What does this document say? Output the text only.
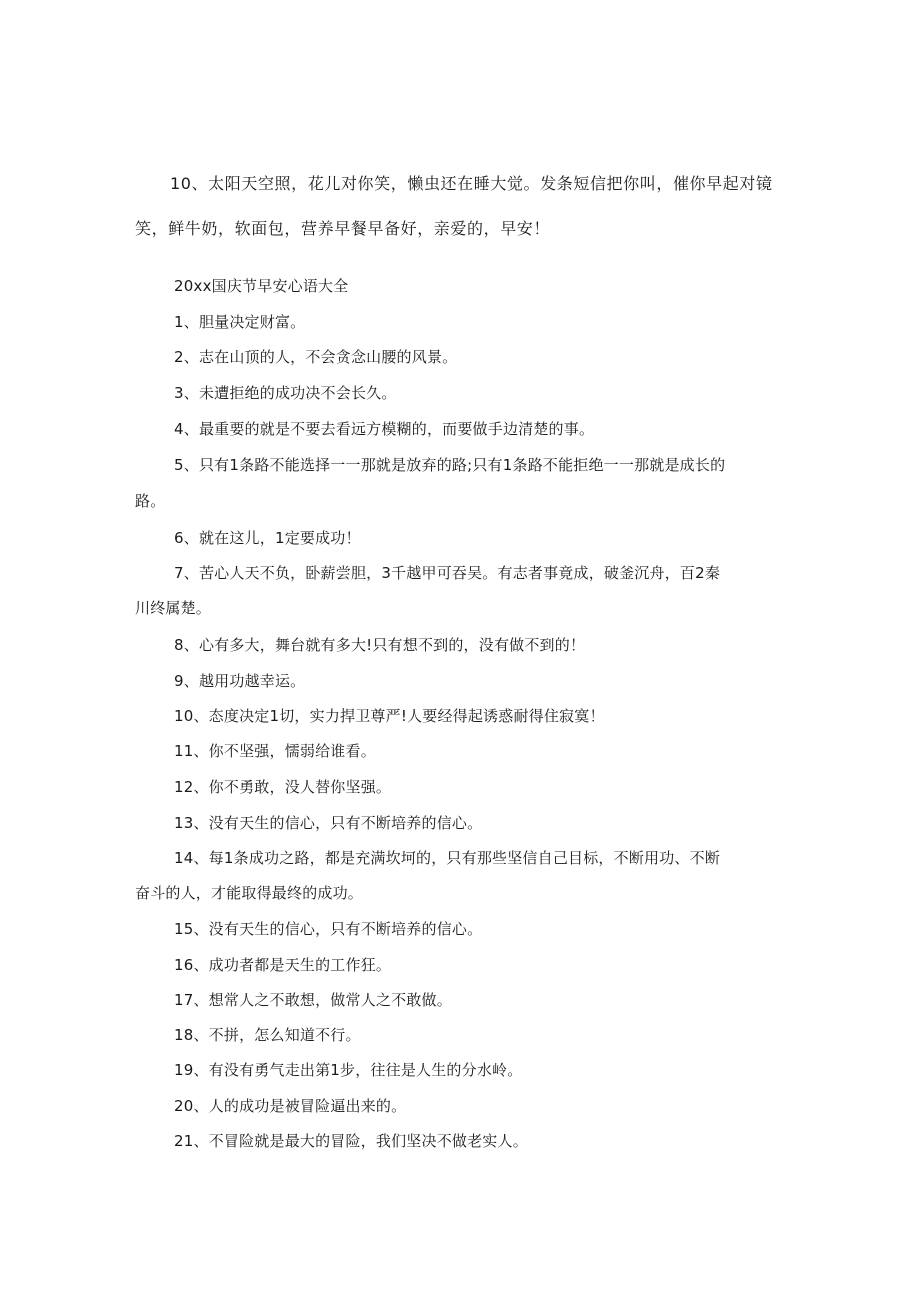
10、太阳天空照，花儿对你笑，懒虫还在睡大觉。发条短信把你叫，催你早起对镜
笑，鲜牛奶，软面包，营养早餐早备好，亲爱的，早安！
20xx国庆节早安心语大全
1、胆量决定财富。
2、志在山顶的人，不会贪念山腰的风景。
3、未遭拒绝的成功决不会长久。
4、最重要的就是不要去看远方模糊的，而要做手边清楚的事。
5、只有1条路不能选择一一那就是放弃的路;只有1条路不能拒绝一一那就是成长的
路。
6、就在这儿，1定要成功！
7、苦心人天不负，卧薪尝胆，3千越甲可吞吴。有志者事竟成，破釜沉舟，百2秦
川终属楚。
8、心有多大，舞台就有多大!只有想不到的，没有做不到的！
9、越用功越幸运。
10、态度决定1切，实力捍卫尊严!人要经得起诱惑耐得住寂寞！
11、你不坚强，懦弱给谁看。
12、你不勇敢，没人替你坚强。
13、没有天生的信心，只有不断培养的信心。
14、每1条成功之路，都是充满坎坷的，只有那些坚信自己目标，不断用功、不断
奋斗的人，才能取得最终的成功。
15、没有天生的信心，只有不断培养的信心。
16、成功者都是天生的工作狂。
17、想常人之不敢想，做常人之不敢做。
18、不拼，怎么知道不行。
19、有没有勇气走出第1步，往往是人生的分水岭。
20、人的成功是被冒险逼出来的。
21、不冒险就是最大的冒险，我们坚决不做老实人。
